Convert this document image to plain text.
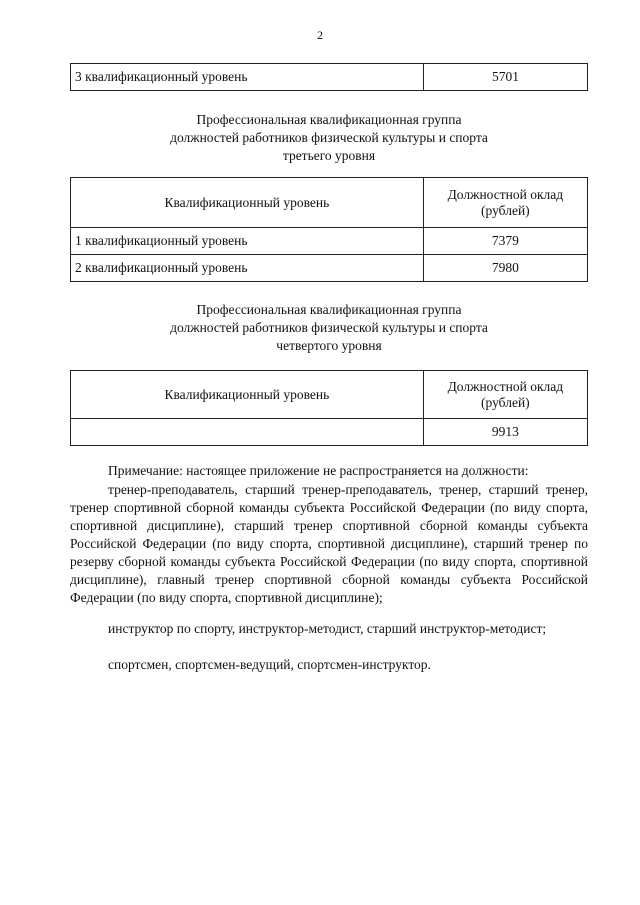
2
3 квалификационный уровень	5701
Профессиональная квалификационная группа
должностей работников физической культуры и спорта
третьего уровня
Квалификационный уровень	Должностной оклад
(рублей)

1 квалификационный уровень	7379
2 квалификационный уровень	7980
Профессиональная квалификационная группа
должностей работников физической культуры и спорта
четвертого уровня
Квалификационный уровень	Должностной оклад
(рублей)

	9913
Примечание: настоящее приложение не распространяется на должности:
тренер-преподаватель, старший тренер-преподаватель, тренер, старший тренер, тренер спортивной сборной команды субъекта Российской Федерации (по виду спорта, спортивной дисциплине), старший тренер спортивной сборной команды субъекта Российской Федерации (по виду спорта, спортивной дисциплине), старший тренер по резерву сборной команды субъекта Российской Федерации (по виду спорта, спортивной дисциплине), главный тренер спортивной сборной команды субъекта Российской Федерации (по виду спорта, спортивной дисциплине);
инструктор по спорту, инструктор-методист, старший инструктор-методист;
спортсмен, спортсмен-ведущий, спортсмен-инструктор.
